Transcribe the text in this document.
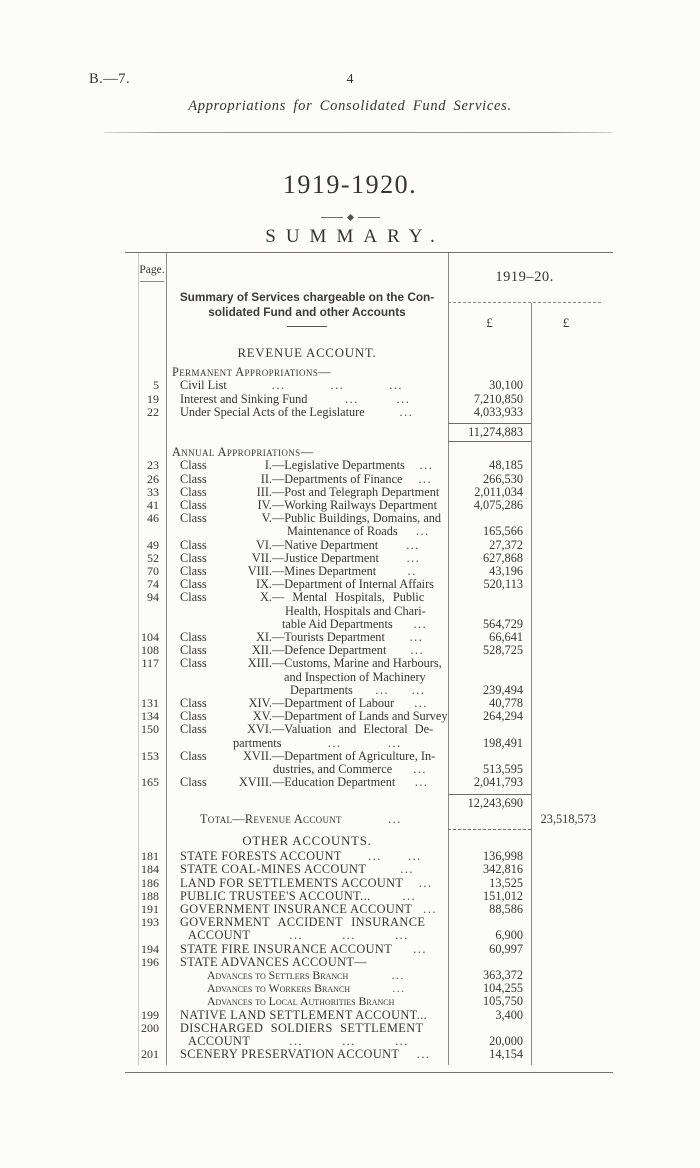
B.—7.	4
Appropriations for Consolidated Fund Services.
1919-1920.
SUMMARY.
Page.
Summary of Services chargeable on the Con-
solidated Fund and other Accounts
1919–20.
£	£
REVENUE ACCOUNT.
Permanent Appropriations—
5	Civil List	...	...	...	30,100
19	Interest and Sinking Fund	...	...	7,210,850
22	Under Special Acts of the Legislature	...	4,033,933
11,274,883
Annual Appropriations—
23	Class	I. —Legislative Departments ...	48,185
26	Class	II. —Departments of Finance ...	266,530
33	Class	III. —Post and Telegraph Department	2,011,034
41	Class	IV. —Working Railways Department	4,075,286
46	Class	V. —Public Buildings, Domains, and
Maintenance of Roads ...	165,566
49	Class	VI. —Native Department ...	27,372
52	Class	VII. —Justice Department ...	627,868
70	Class	VIII. —Mines Department	..	43,196
74	Class	IX. —Department of Internal Affairs	520,113
94	Class	X. — Mental Hospitals, Public
Health, Hospitals and Chari-
table Aid Departments ...	564,729
104	Class	XI. —Tourists Department ...	66,641
108	Class	XII. —Defence Department ...	528,725
117	Class	XIII. —Customs, Marine and Harbours,
and Inspection of Machinery
Departments ... ...	239,494
131	Class	XIV. —Department of Labour ...	40,778
134	Class	XV. —Department of Lands and Survey	264,294
150	Class	XVI. —Valuation and Electoral De-
partments	...	...	198,491
153	Class	XVII. —Department of Agriculture, In-
dustries, and Commerce ...	513,595
165	Class	XVIII. —Education Department ...	2,041,793
12,243,690
Total—Revenue Account	...	23,518,573
OTHER ACCOUNTS.
181	STATE FORESTS ACCOUNT ... ...	136,998
184	STATE COAL-MINES ACCOUNT	...	342,816
186	LAND FOR SETTLEMENTS ACCOUNT ...	13,525
188	PUBLIC TRUSTEE'S ACCOUNT...	...	151,012
191	GOVERNMENT INSURANCE ACCOUNT ...	88,586
193	GOVERNMENT ACCIDENT INSURANCE
ACCOUNT	...	...	...	6,900
194	STATE FIRE INSURANCE ACCOUNT ...	60,997
196	STATE ADVANCES ACCOUNT—
Advances to Settlers Branch	...	363,372
Advances to Workers Branch	...	104,255
Advances to Local Authorities Branch	105,750
199	NATIVE LAND SETTLEMENT ACCOUNT...	3,400
200	DISCHARGED SOLDIERS SETTLEMENT
ACCOUNT	...	...	...	20,000
201	SCENERY PRESERVATION ACCOUNT ...	14,154
